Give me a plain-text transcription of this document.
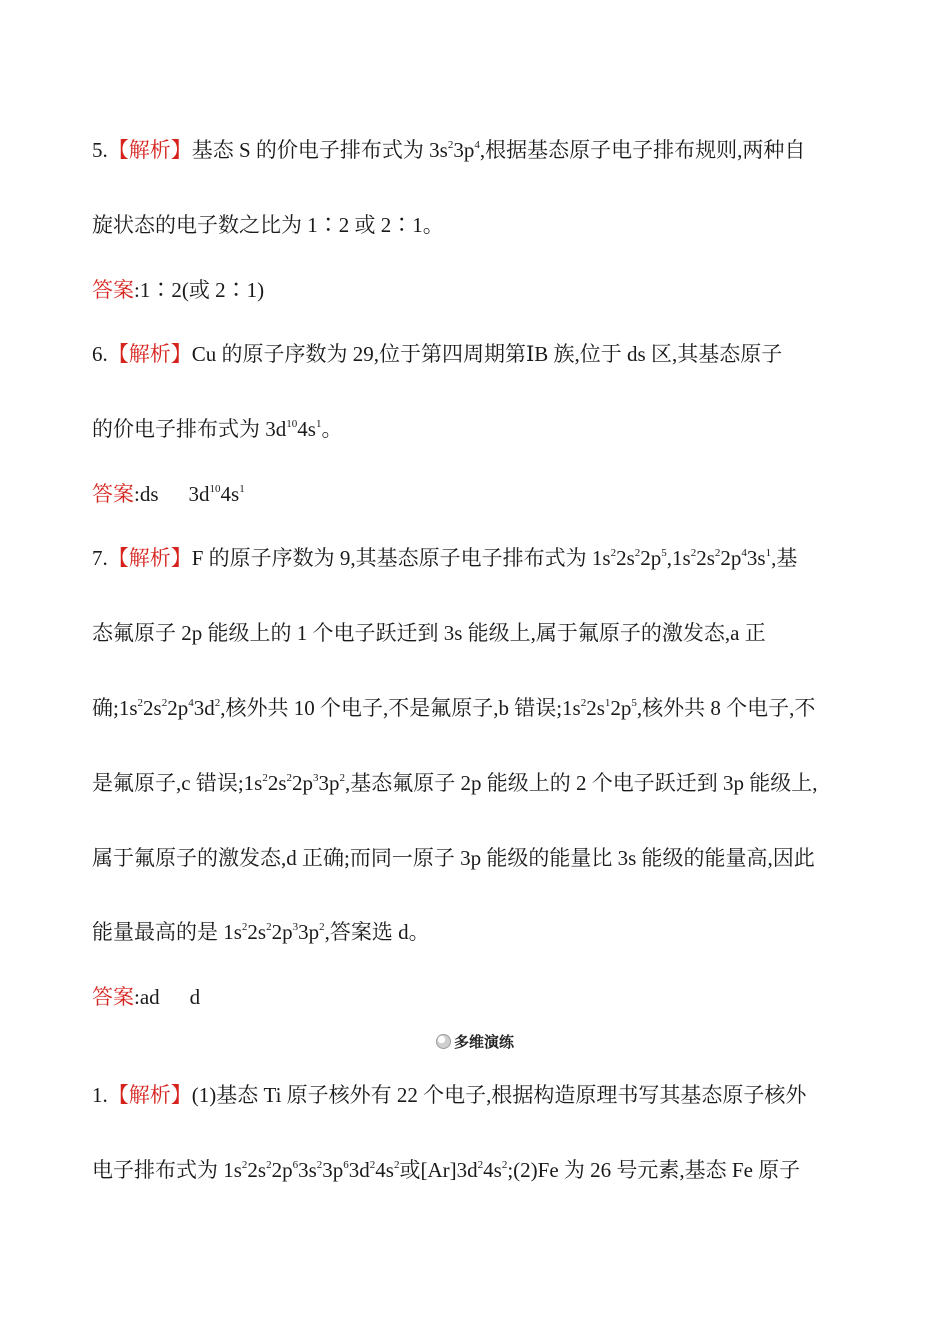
5.【解析】基态 S 的价电子排布式为 $3s^23p^4$,根据基态原子电子排布规则,两种自
旋状态的电子数之比为 1∶2 或 2∶1。
答案:1∶2(或 2∶1)
6.【解析】Cu 的原子序数为 29,位于第四周期第ⅠB 族,位于 ds 区,其基态原子
的价电子排布式为 $3d^{10}4s^1$。
答案:ds $3d^{10}4s^1$
7.【解析】F 的原子序数为 9,其基态原子电子排布式为 $1s^22s^22p^5,1s^22s^22p^43s^1$,基
态氟原子 2p 能级上的 1 个电子跃迁到 3s 能级上,属于氟原子的激发态,a 正
确$;1s^22s^22p^43d^2$,核外共 10 个电子,不是氟原子,b 错误$;1s^22s^12p^5$,核外共 8 个电子,不
是氟原子,c 错误$;1s^22s^22p^33p^2$,基态氟原子 2p 能级上的 2 个电子跃迁到 3p 能级上,
属于氟原子的激发态,d 正确;而同一原子 3p 能级的能量比 3s 能级的能量高,因此
能量最高的是 $1s^22s^22p^33p^2$,答案选 d。
答案:ad d
多维演练
1.【解析】(1)基态 Ti 原子核外有 22 个电子,根据构造原理书写其基态原子核外
电子排布式为 $1s^22s^22p^63s^23p^63d^24s^2$或$[Ar]3d^24s^2;(2)Fe$ 为 26 号元素,基态 Fe 原子
